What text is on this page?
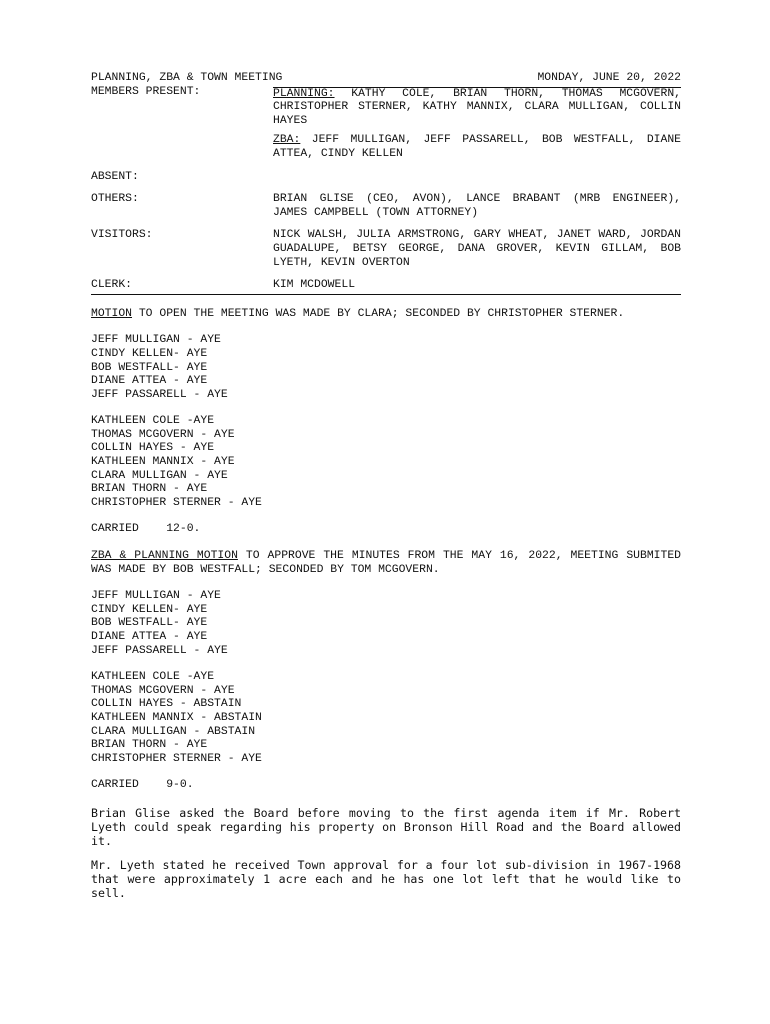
PLANNING, ZBA & TOWN MEETING	MONDAY, JUNE 20, 2022
MEMBERS PRESENT:	PLANNING: KATHY COLE, BRIAN THORN, THOMAS MCGOVERN, CHRISTOPHER STERNER, KATHY MANNIX, CLARA MULLIGAN, COLLIN HAYES
ZBA: JEFF MULLIGAN, JEFF PASSARELL, BOB WESTFALL, DIANE ATTEA, CINDY KELLEN
ABSENT:
OTHERS:	BRIAN GLISE (CEO, AVON), LANCE BRABANT (MRB ENGINEER), JAMES CAMPBELL (TOWN ATTORNEY)
VISITORS:	NICK WALSH, JULIA ARMSTRONG, GARY WHEAT, JANET WARD, JORDAN GUADALUPE, BETSY GEORGE, DANA GROVER, KEVIN GILLAM, BOB LYETH, KEVIN OVERTON
CLERK:	KIM MCDOWELL
MOTION TO OPEN THE MEETING WAS MADE BY CLARA; SECONDED BY CHRISTOPHER STERNER.
JEFF MULLIGAN - AYE
CINDY KELLEN- AYE
BOB WESTFALL- AYE
DIANE ATTEA - AYE
JEFF PASSARELL - AYE
KATHLEEN COLE -AYE
THOMAS MCGOVERN - AYE
COLLIN HAYES - AYE
KATHLEEN MANNIX - AYE
CLARA MULLIGAN - AYE
BRIAN THORN - AYE
CHRISTOPHER STERNER - AYE
CARRIED    12-0.
ZBA & PLANNING MOTION TO APPROVE THE MINUTES FROM THE MAY 16, 2022, MEETING SUBMITED WAS MADE BY BOB WESTFALL; SECONDED BY TOM MCGOVERN.
JEFF MULLIGAN - AYE
CINDY KELLEN- AYE
BOB WESTFALL- AYE
DIANE ATTEA - AYE
JEFF PASSARELL - AYE
KATHLEEN COLE -AYE
THOMAS MCGOVERN - AYE
COLLIN HAYES - ABSTAIN
KATHLEEN MANNIX - ABSTAIN
CLARA MULLIGAN - ABSTAIN
BRIAN THORN - AYE
CHRISTOPHER STERNER - AYE
CARRIED    9-0.
Brian Glise asked the Board before moving to the first agenda item if Mr. Robert Lyeth could speak regarding his property on Bronson Hill Road and the Board allowed it.
Mr. Lyeth stated he received Town approval for a four lot sub-division in 1967-1968 that were approximately 1 acre each and he has one lot left that he would like to sell.
